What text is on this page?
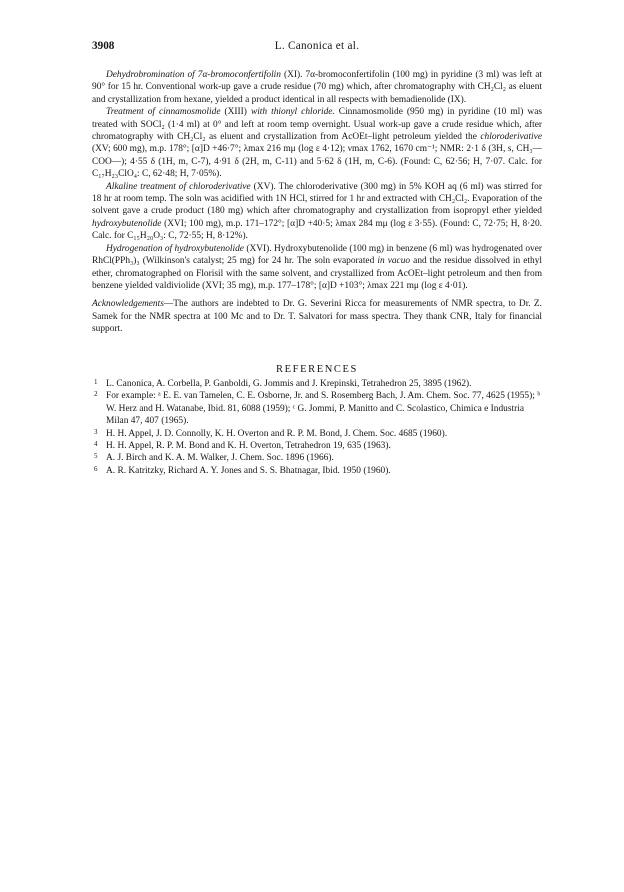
3908	L. Canonica et al.

Dehydrobromination of 7α-bromoconfertifolin (XI). 7α-bromoconfertifolin (100 mg) in pyridine (3 ml) was left at 90° for 15 hr. Conventional work-up gave a crude residue (70 mg) which, after chromatography with CH₂Cl₂ as eluent and crystallization from hexane, yielded a product identical in all respects with bemadienolide (IX).

Treatment of cinnamosmolide (XIII) with thionyl chloride. Cinnamosmolide (950 mg) in pyridine (10 ml) was treated with SOCl₂ (1·4 ml) at 0° and left at room temp overnight. Usual work-up gave a crude residue which, after chromatography with CH₂Cl₂ as eluent and crystallization from AcOEt–light petroleum yielded the chloroderivative (XV; 600 mg), m.p. 178°; [α]D +46·7°; λmax 216 mμ (log ε 4·12); νmax 1762, 1670 cm⁻¹; NMR: 2·1 δ (3H, s, CH₃—COO—); 4·55 δ (1H, m, C-7), 4·91 δ (2H, m, C-11) and 5·62 δ (1H, m, C-6). (Found: C, 62·56; H, 7·07. Calc. for C₁₇H₂₃ClO₄: C, 62·48; H, 7·05%).

Alkaline treatment of chloroderivative (XV). The chloroderivative (300 mg) in 5% KOH aq (6 ml) was stirred for 18 hr at room temp. The soln was acidified with 1N HCl, stirred for 1 hr and extracted with CH₂Cl₂. Evaporation of the solvent gave a crude product (180 mg) which after chromatography and crystallization from isopropyl ether yielded hydroxybutenolide (XVI; 100 mg), m.p. 171–172°; [α]D +40·5; λmax 284 mμ (log ε 3·55). (Found: C, 72·75; H, 8·20. Calc. for C₁₅H₂₀O₃: C, 72·55; H, 8·12%).

Hydrogenation of hydroxybutenolide (XVI). Hydroxybutenolide (100 mg) in benzene (6 ml) was hydrogenated over RhCl(PPh₃)₃ (Wilkinson's catalyst; 25 mg) for 24 hr. The soln evaporated in vacuo and the residue dissolved in ethyl ether, chromatographed on Florisil with the same solvent, and crystallized from AcOEt–light petroleum and then from benzene yielded valdiviolide (XVI; 35 mg), m.p. 177–178°; [α]D +103°; λmax 221 mμ (log ε 4·01).

Acknowledgements—The authors are indebted to Dr. G. Severini Ricca for measurements of NMR spectra, to Dr. Z. Samek for the NMR spectra at 100 Mc and to Dr. T. Salvatori for mass spectra. They thank CNR, Italy for financial support.

REFERENCES
1 L. Canonica, A. Corbella, P. Ganboldi, G. Jommis and J. Krepinski, Tetrahedron 25, 3895 (1962).
2 For example: ᵃ E. E. van Tamelen, C. E. Osborne, Jr. and S. Rosemberg Bach, J. Am. Chem. Soc. 77, 4625 (1955); ᵇ W. Herz and H. Watanabe, Ibid. 81, 6088 (1959); ᶜ G. Jommi, P. Manitto and C. Scolastico, Chimica e Industria Milan 47, 407 (1965).
3 H. H. Appel, J. D. Connolly, K. H. Overton and R. P. M. Bond, J. Chem. Soc. 4685 (1960).
4 H. H. Appel, R. P. M. Bond and K. H. Overton, Tetrahedron 19, 635 (1963).
5 A. J. Birch and K. A. M. Walker, J. Chem. Soc. 1896 (1966).
6 A. R. Katritzky, Richard A. Y. Jones and S. S. Bhatnagar, Ibid. 1950 (1960).
